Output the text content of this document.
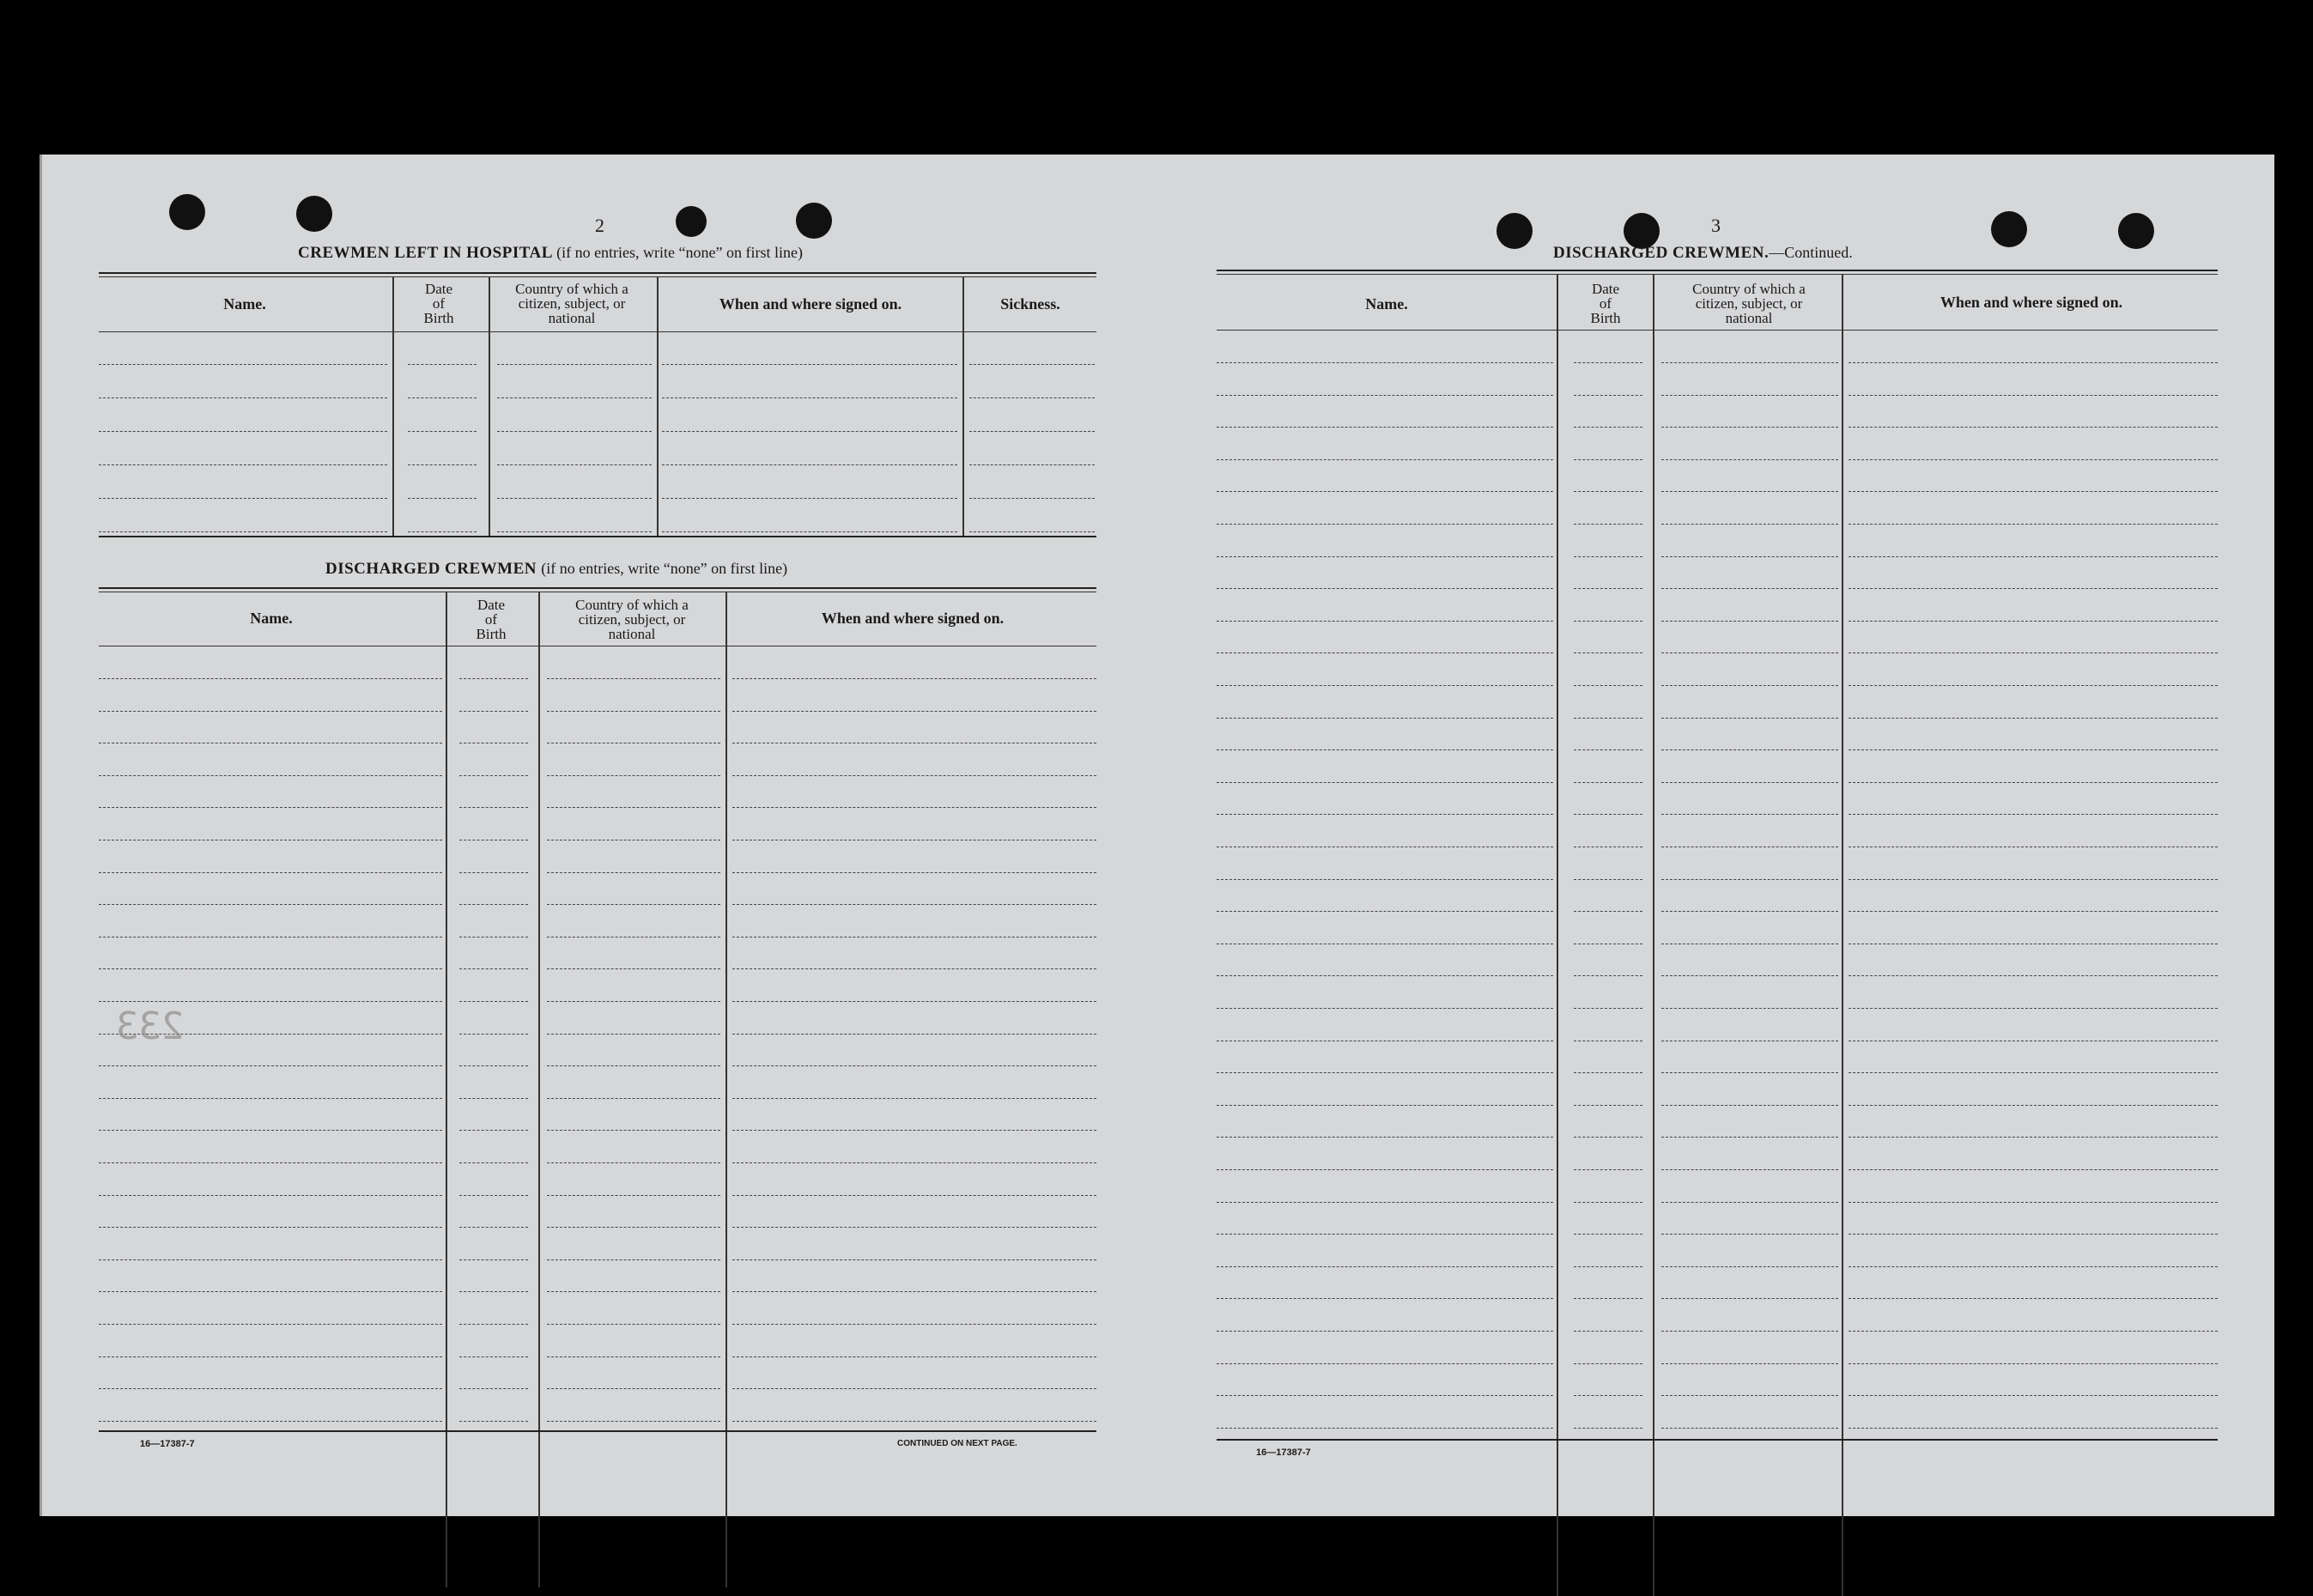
2
CREWMEN LEFT IN HOSPITAL (if no entries, write “none” on first line)
Name.
Date
of
Birth
Country of which a
citizen, subject, or
national
When and where signed on.	Sickness.
DISCHARGED CREWMEN (if no entries, write “none” on first line)
Name.
Date
of
Birth
Country of which a
citizen, subject, or
national
When and where signed on.
233
16—17387-7	CONTINUED ON NEXT PAGE.
3
DISCHARGED CREWMEN.—Continued.
Name.
Date
of
Birth
Country of which a
citizen, subject, or
national
When and where signed on.
16—17387-7
